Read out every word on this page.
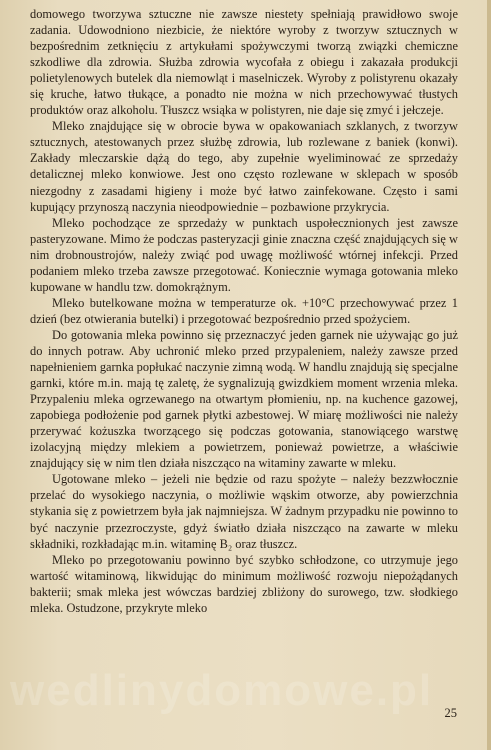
domowego tworzywa sztuczne nie zawsze niestety spełniają prawidłowo swoje zadania. Udowodniono niezbicie, że niektóre wyroby z tworzyw sztucznych w bezpośrednim zetknięciu z artykułami spożywczymi tworzą związki chemiczne szkodliwe dla zdrowia. Służba zdrowia wycofała z obiegu i zakazała produkcji polietylenowych butelek dla niemowląt i maselniczek. Wyroby z polistyrenu okazały się kruche, łatwo tłukące, a ponadto nie można w nich przechowywać tłustych produktów oraz alkoholu. Tłuszcz wsiąka w polistyren, nie daje się zmyć i jełczeje.

Mleko znajdujące się w obrocie bywa w opakowaniach szklanych, z tworzyw sztucznych, atestowanych przez służbę zdrowia, lub rozlewane z baniek (konwi). Zakłady mleczarskie dążą do tego, aby zupełnie wyeliminować ze sprzedaży detalicznej mleko konwiowe. Jest ono często rozlewane w sklepach w sposób niezgodny z zasadami higieny i może być łatwo zainfekowane. Często i sami kupujący przynoszą naczynia nieodpowiednie – pozbawione przykrycia.

Mleko pochodzące ze sprzedaży w punktach uspołecznionych jest zawsze pasteryzowane. Mimo że podczas pasteryzacji ginie znaczna część znajdujących się w nim drobnoustrojów, należy zwiąć pod uwagę możliwość wtórnej infekcji. Przed podaniem mleko trzeba zawsze przegotować. Koniecznie wymaga gotowania mleko kupowane w handlu tzw. domokrążnym.

Mleko butelkowane można w temperaturze ok. +10°C przechowywać przez 1 dzień (bez otwierania butelki) i przegotować bezpośrednio przed spożyciem.

Do gotowania mleka powinno się przeznaczyć jeden garnek nie używając go już do innych potraw. Aby uchronić mleko przed przypaleniem, należy zawsze przed napełnieniem garnka popłukać naczynie zimną wodą. W handlu znajdują się specjalne garnki, które m.in. mają tę zaletę, że sygnalizują gwizdkiem moment wrzenia mleka. Przypaleniu mleka ogrzewanego na otwartym płomieniu, np. na kuchence gazowej, zapobiega podłożenie pod garnek płytki azbestowej. W miarę możliwości nie należy przerywać kożuszka tworzącego się podczas gotowania, stanowiącego warstwę izolacyjną między mlekiem a powietrzem, ponieważ powietrze, a właściwie znajdujący się w nim tlen działa niszcząco na witaminy zawarte w mleku.

Ugotowane mleko – jeżeli nie będzie od razu spożyte – należy bezzwłocznie przelać do wysokiego naczynia, o możliwie wąskim otworze, aby powierzchnia stykania się z powietrzem była jak najmniejsza. W żadnym przypadku nie powinno to być naczynie przezroczyste, gdyż światło działa niszcząco na zawarte w mleku składniki, rozkładając m.in. witaminę B₂ oraz tłuszcz.

Mleko po przegotowaniu powinno być szybko schłodzone, co utrzymuje jego wartość witaminową, likwidując do minimum możliwość rozwoju niepożądanych bakterii; smak mleka jest wówczas bardziej zbliżony do surowego, tzw. słodkiego mleka. Ostudzone, przykryte mleko

wedlinydomowe.pl 25
